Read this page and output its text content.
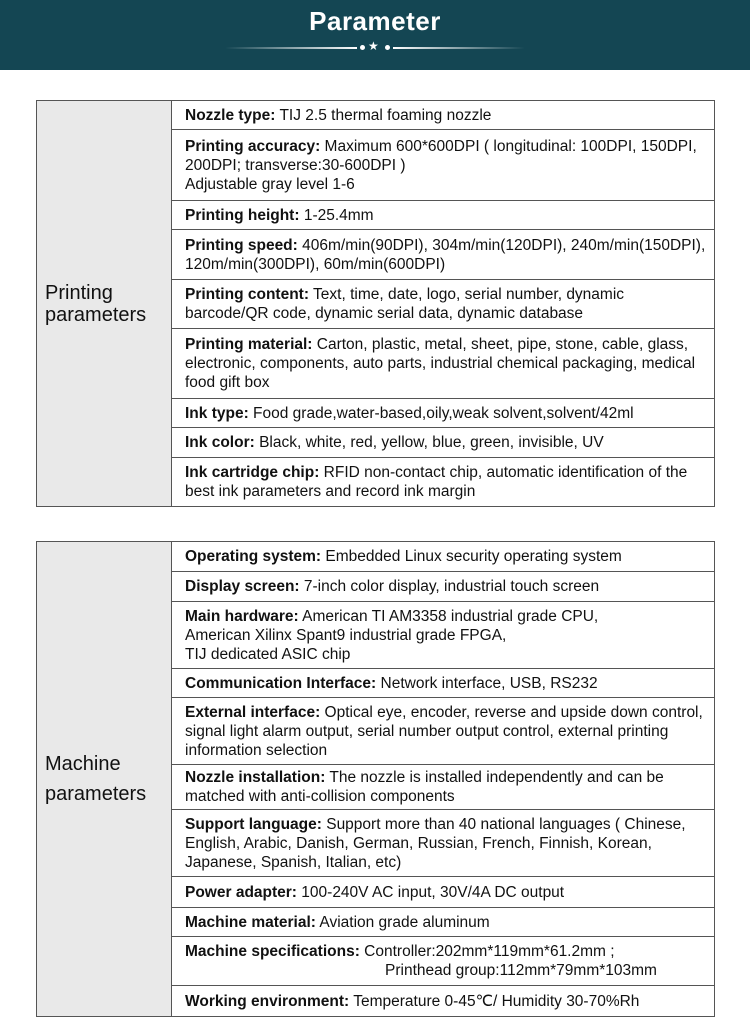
Parameter
★
Printing
parameters	Nozzle type: TIJ 2.5 thermal foaming nozzle
Printing accuracy: Maximum 600*600DPI ( longitudinal: 100DPI, 150DPI, 200DPI; transverse:30-600DPI )
Adjustable gray level 1-6
Printing height: 1-25.4mm
Printing speed: 406m/min(90DPI), 304m/min(120DPI), 240m/min(150DPI), 120m/min(300DPI), 60m/min(600DPI)
Printing content: Text, time, date, logo, serial number, dynamic barcode/QR code, dynamic serial data, dynamic database
Printing material: Carton, plastic, metal, sheet, pipe, stone, cable, glass, electronic, components, auto parts, industrial chemical packaging, medical food gift box
Ink type: Food grade,water-based,oily,weak solvent,solvent/42ml
Ink color: Black, white, red, yellow, blue, green, invisible, UV
Ink cartridge chip: RFID non-contact chip, automatic identification of the best ink parameters and record ink margin
Machine
parameters	Operating system: Embedded Linux security operating system
Display screen: 7-inch color display, industrial touch screen
Main hardware: American TI AM3358 industrial grade CPU,
American Xilinx Spant9 industrial grade FPGA,
TIJ dedicated ASIC chip
Communication Interface: Network interface, USB, RS232
External interface: Optical eye, encoder, reverse and upside down control, signal light alarm output, serial number output control, external printing information selection
Nozzle installation: The nozzle is installed independently and can be matched with anti-collision components
Support language: Support more than 40 national languages ( Chinese, English, Arabic, Danish, German, Russian, French, Finnish, Korean, Japanese, Spanish, Italian, etc)
Power adapter: 100-240V AC input, 30V/4A DC output
Machine material: Aviation grade aluminum
Machine specifications: Controller:202mm*119mm*61.2mm ;
Printhead group:112mm*79mm*103mm

Working environment: Temperature 0-45℃/ Humidity 30-70%Rh
